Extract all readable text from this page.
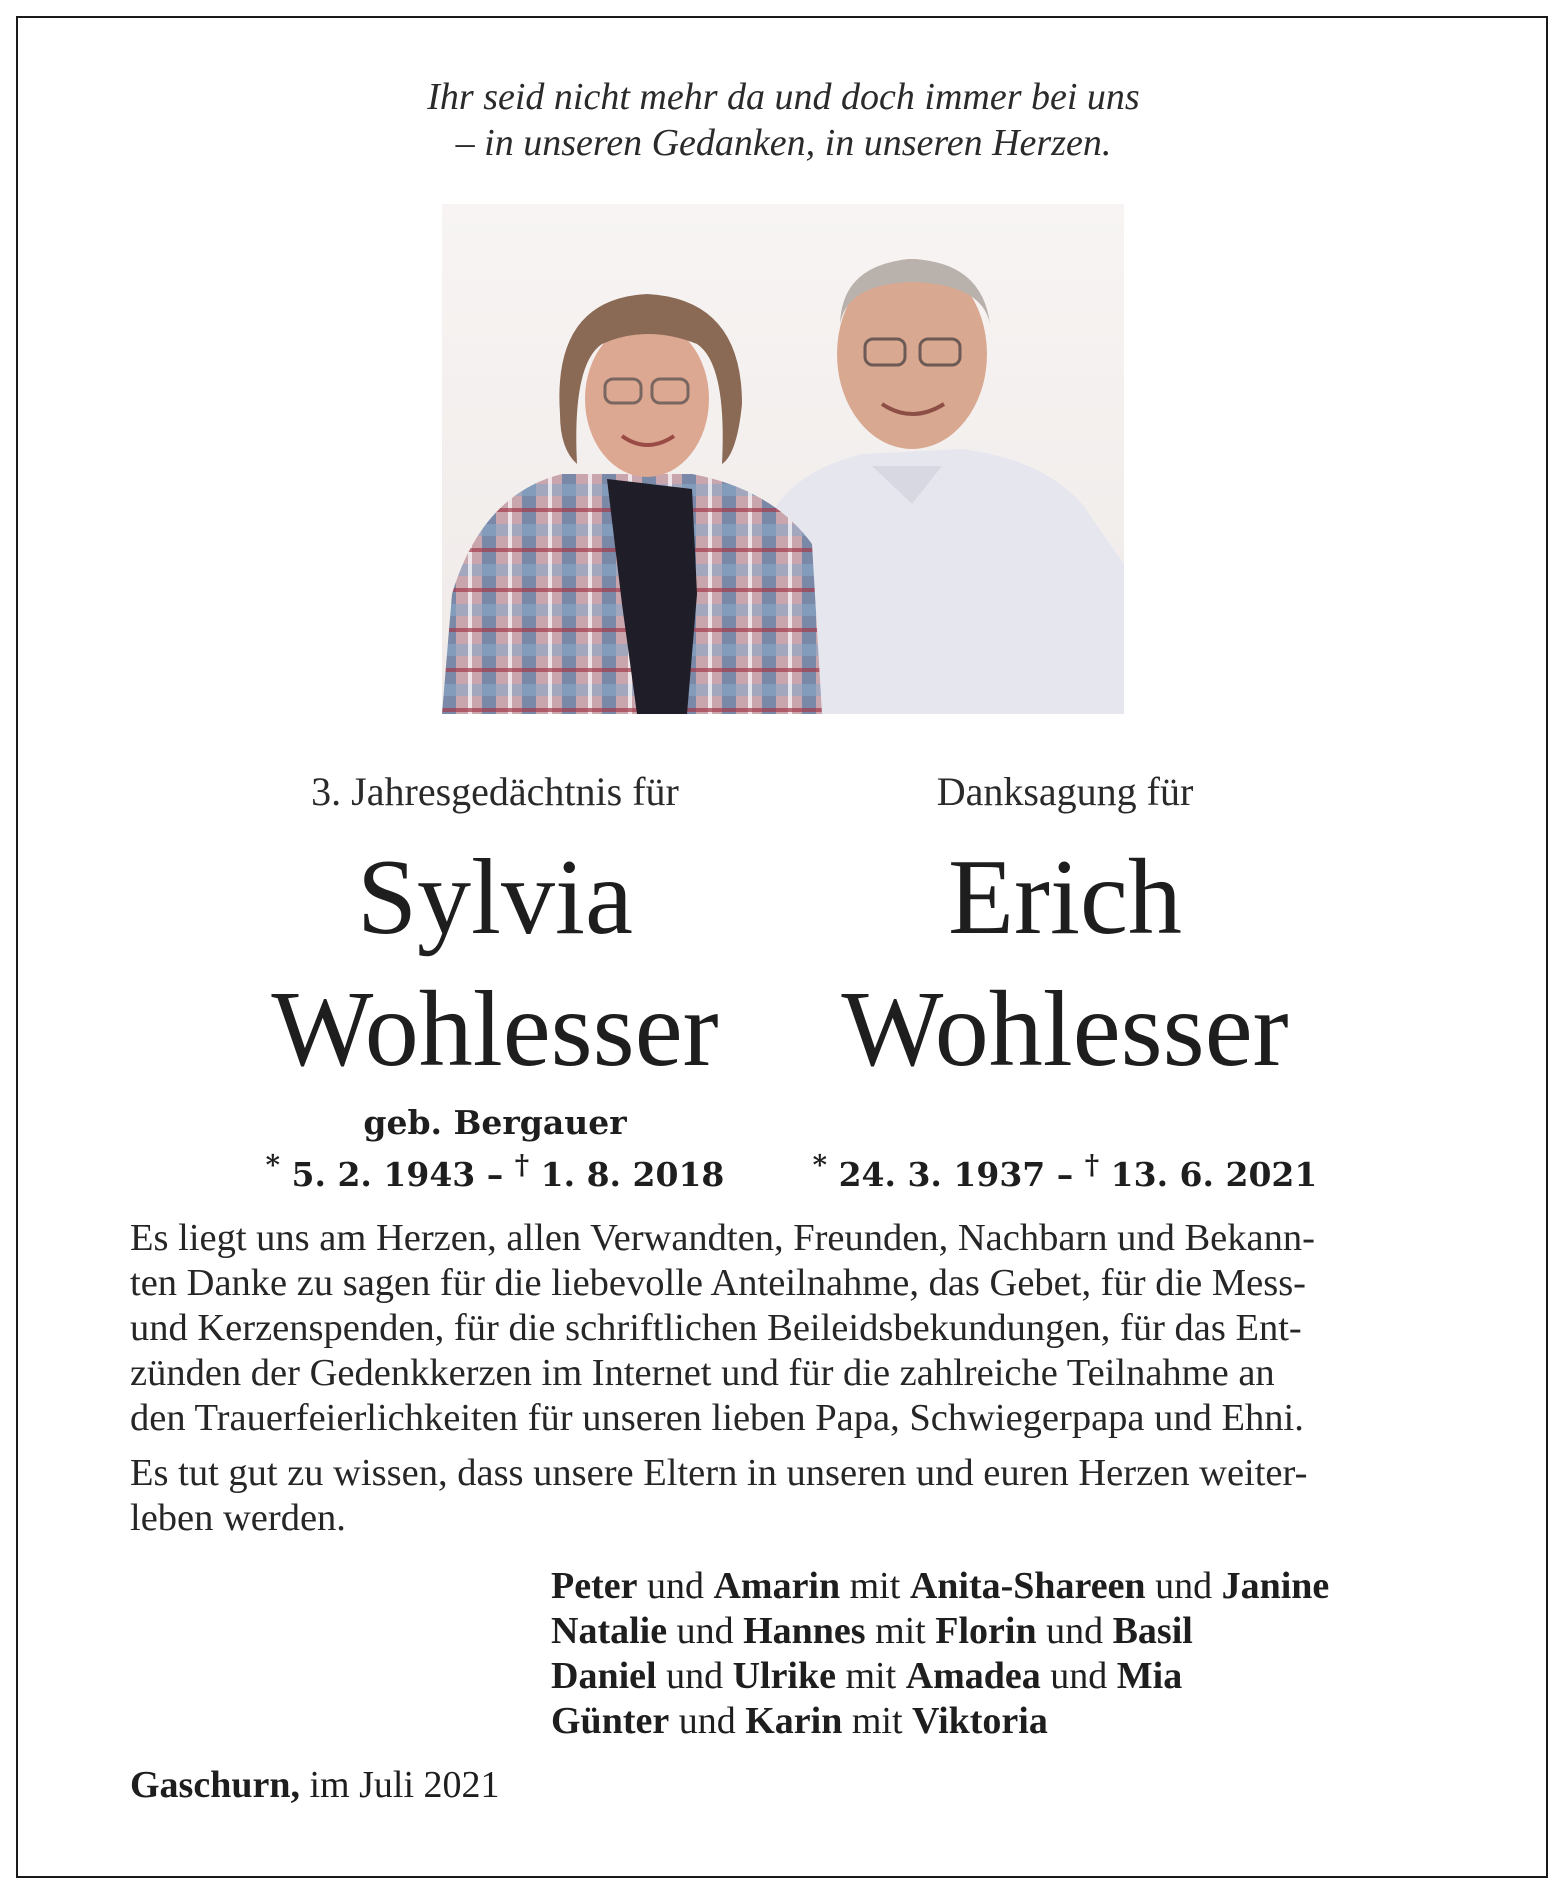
Ihr seid nicht mehr da und doch immer bei uns
– in unseren Gedanken, in unseren Herzen.
3. Jahresgedächtnis für
Sylvia
Wohlesser
geb. Bergauer
* 5. 2. 1943 – † 1. 8. 2018
Danksagung für
Erich
Wohlesser
* 24. 3. 1937 – † 13. 6. 2021
Es liegt uns am Herzen, allen Verwandten, Freunden, Nachbarn und Bekann-
ten Danke zu sagen für die liebevolle Anteilnahme, das Gebet, für die Mess-
und Kerzenspenden, für die schriftlichen Beileidsbekundungen, für das Ent-
zünden der Gedenkkerzen im Internet und für die zahlreiche Teilnahme an
den Trauerfeierlichkeiten für unseren lieben Papa, Schwiegerpapa und Ehni.
Es tut gut zu wissen, dass unsere Eltern in unseren und euren Herzen weiter-
leben werden.
Peter und Amarin mit Anita-Shareen und Janine
Natalie und Hannes mit Florin und Basil
Daniel und Ulrike mit Amadea und Mia
Günter und Karin mit Viktoria
Gaschurn, im Juli 2021
